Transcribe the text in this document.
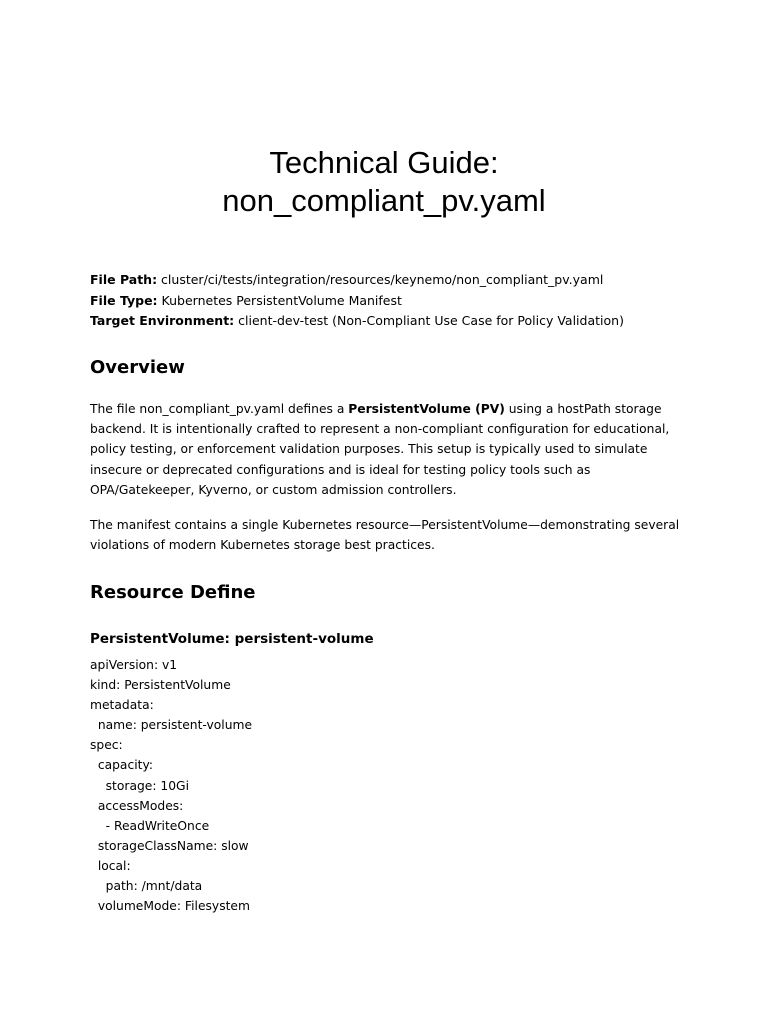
Technical Guide:
non_compliant_pv.yaml
File Path: cluster/ci/tests/integration/resources/keynemo/non_compliant_pv.yaml
File Type: Kubernetes PersistentVolume Manifest
Target Environment: client-dev-test (Non-Compliant Use Case for Policy Validation)
Overview

The file non_compliant_pv.yaml defines a PersistentVolume (PV) using a hostPath storage backend. It is intentionally crafted to represent a non-compliant configuration for educational, policy testing, or enforcement validation purposes. This setup is typically used to simulate insecure or deprecated configurations and is ideal for testing policy tools such as OPA/Gatekeeper, Kyverno, or custom admission controllers.

The manifest contains a single Kubernetes resource—PersistentVolume—demonstrating several violations of modern Kubernetes storage best practices.

Resource Define
PersistentVolume: persistent-volume
apiVersion: v1
kind: PersistentVolume
metadata:
name: persistent-volume
spec:
capacity:
storage: 10Gi
accessModes:
- ReadWriteOnce
storageClassName: slow
local:
path: /mnt/data
volumeMode: Filesystem
